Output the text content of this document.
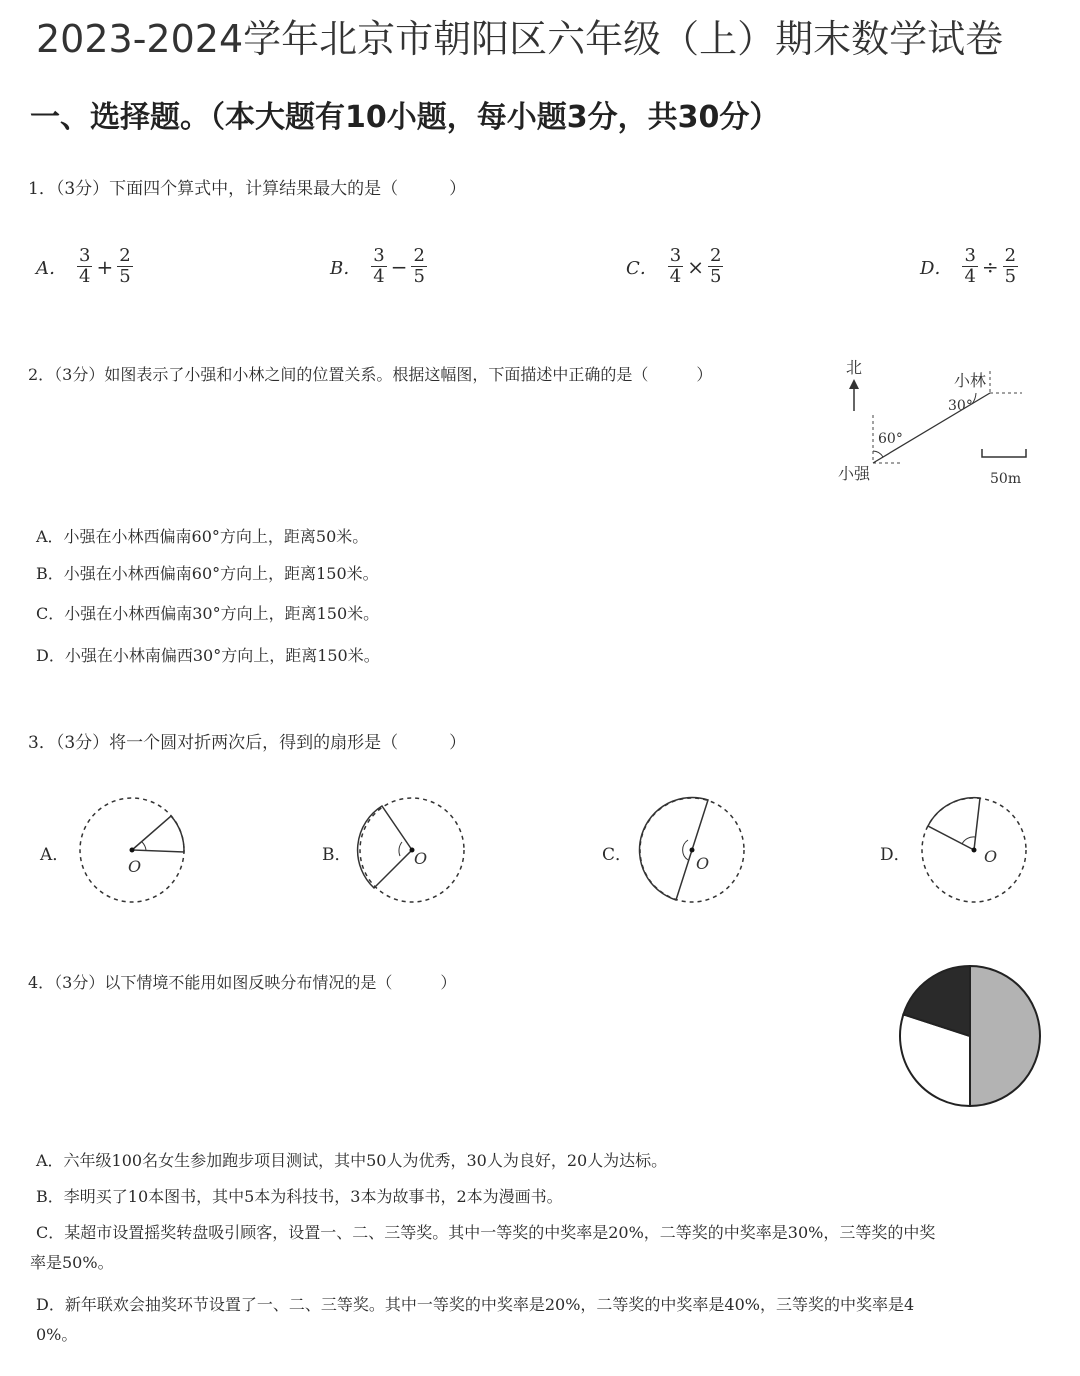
2023-2024学年北京市朝阳区六年级（上）期末数学试卷
一、选择题。（本大题有10小题，每小题3分，共30分）
1．（3分）下面四个算式中，计算结果最大的是（　　　）
A． $\frac{3}{4} + \frac{2}{5}$	B． $\frac{3}{4} - \frac{2}{5}$	C． $\frac{3}{4} \times \frac{2}{5}$	D． $\frac{3}{4} \div \frac{2}{5}$
2．（3分）如图表示了小强和小林之间的位置关系。根据这幅图，下面描述中正确的是（　　　）	北
60°
30°
小林
小强	50m
A．小强在小林西偏南60°方向上，距离50米。
B．小强在小林西偏南60°方向上，距离150米。
C．小强在小林西偏南30°方向上，距离150米。
D．小强在小林南偏西30°方向上，距离150米。
3．（3分）将一个圆对折两次后，得到的扇形是（　　　）
A．
O
B．	O	C．	O	D．	O
4．（3分）以下情境不能用如图反映分布情况的是（　　　）
A．六年级100名女生参加跑步项目测试，其中50人为优秀，30人为良好，20人为达标。
B．李明买了10本图书，其中5本为科技书，3本为故事书，2本为漫画书。
C．某超市设置摇奖转盘吸引顾客，设置一、二、三等奖。其中一等奖的中奖率是20%，二等奖的中奖率是30%，三等奖的中奖
率是50%。
D．新年联欢会抽奖环节设置了一、二、三等奖。其中一等奖的中奖率是20%，二等奖的中奖率是40%，三等奖的中奖率是4
0%。
